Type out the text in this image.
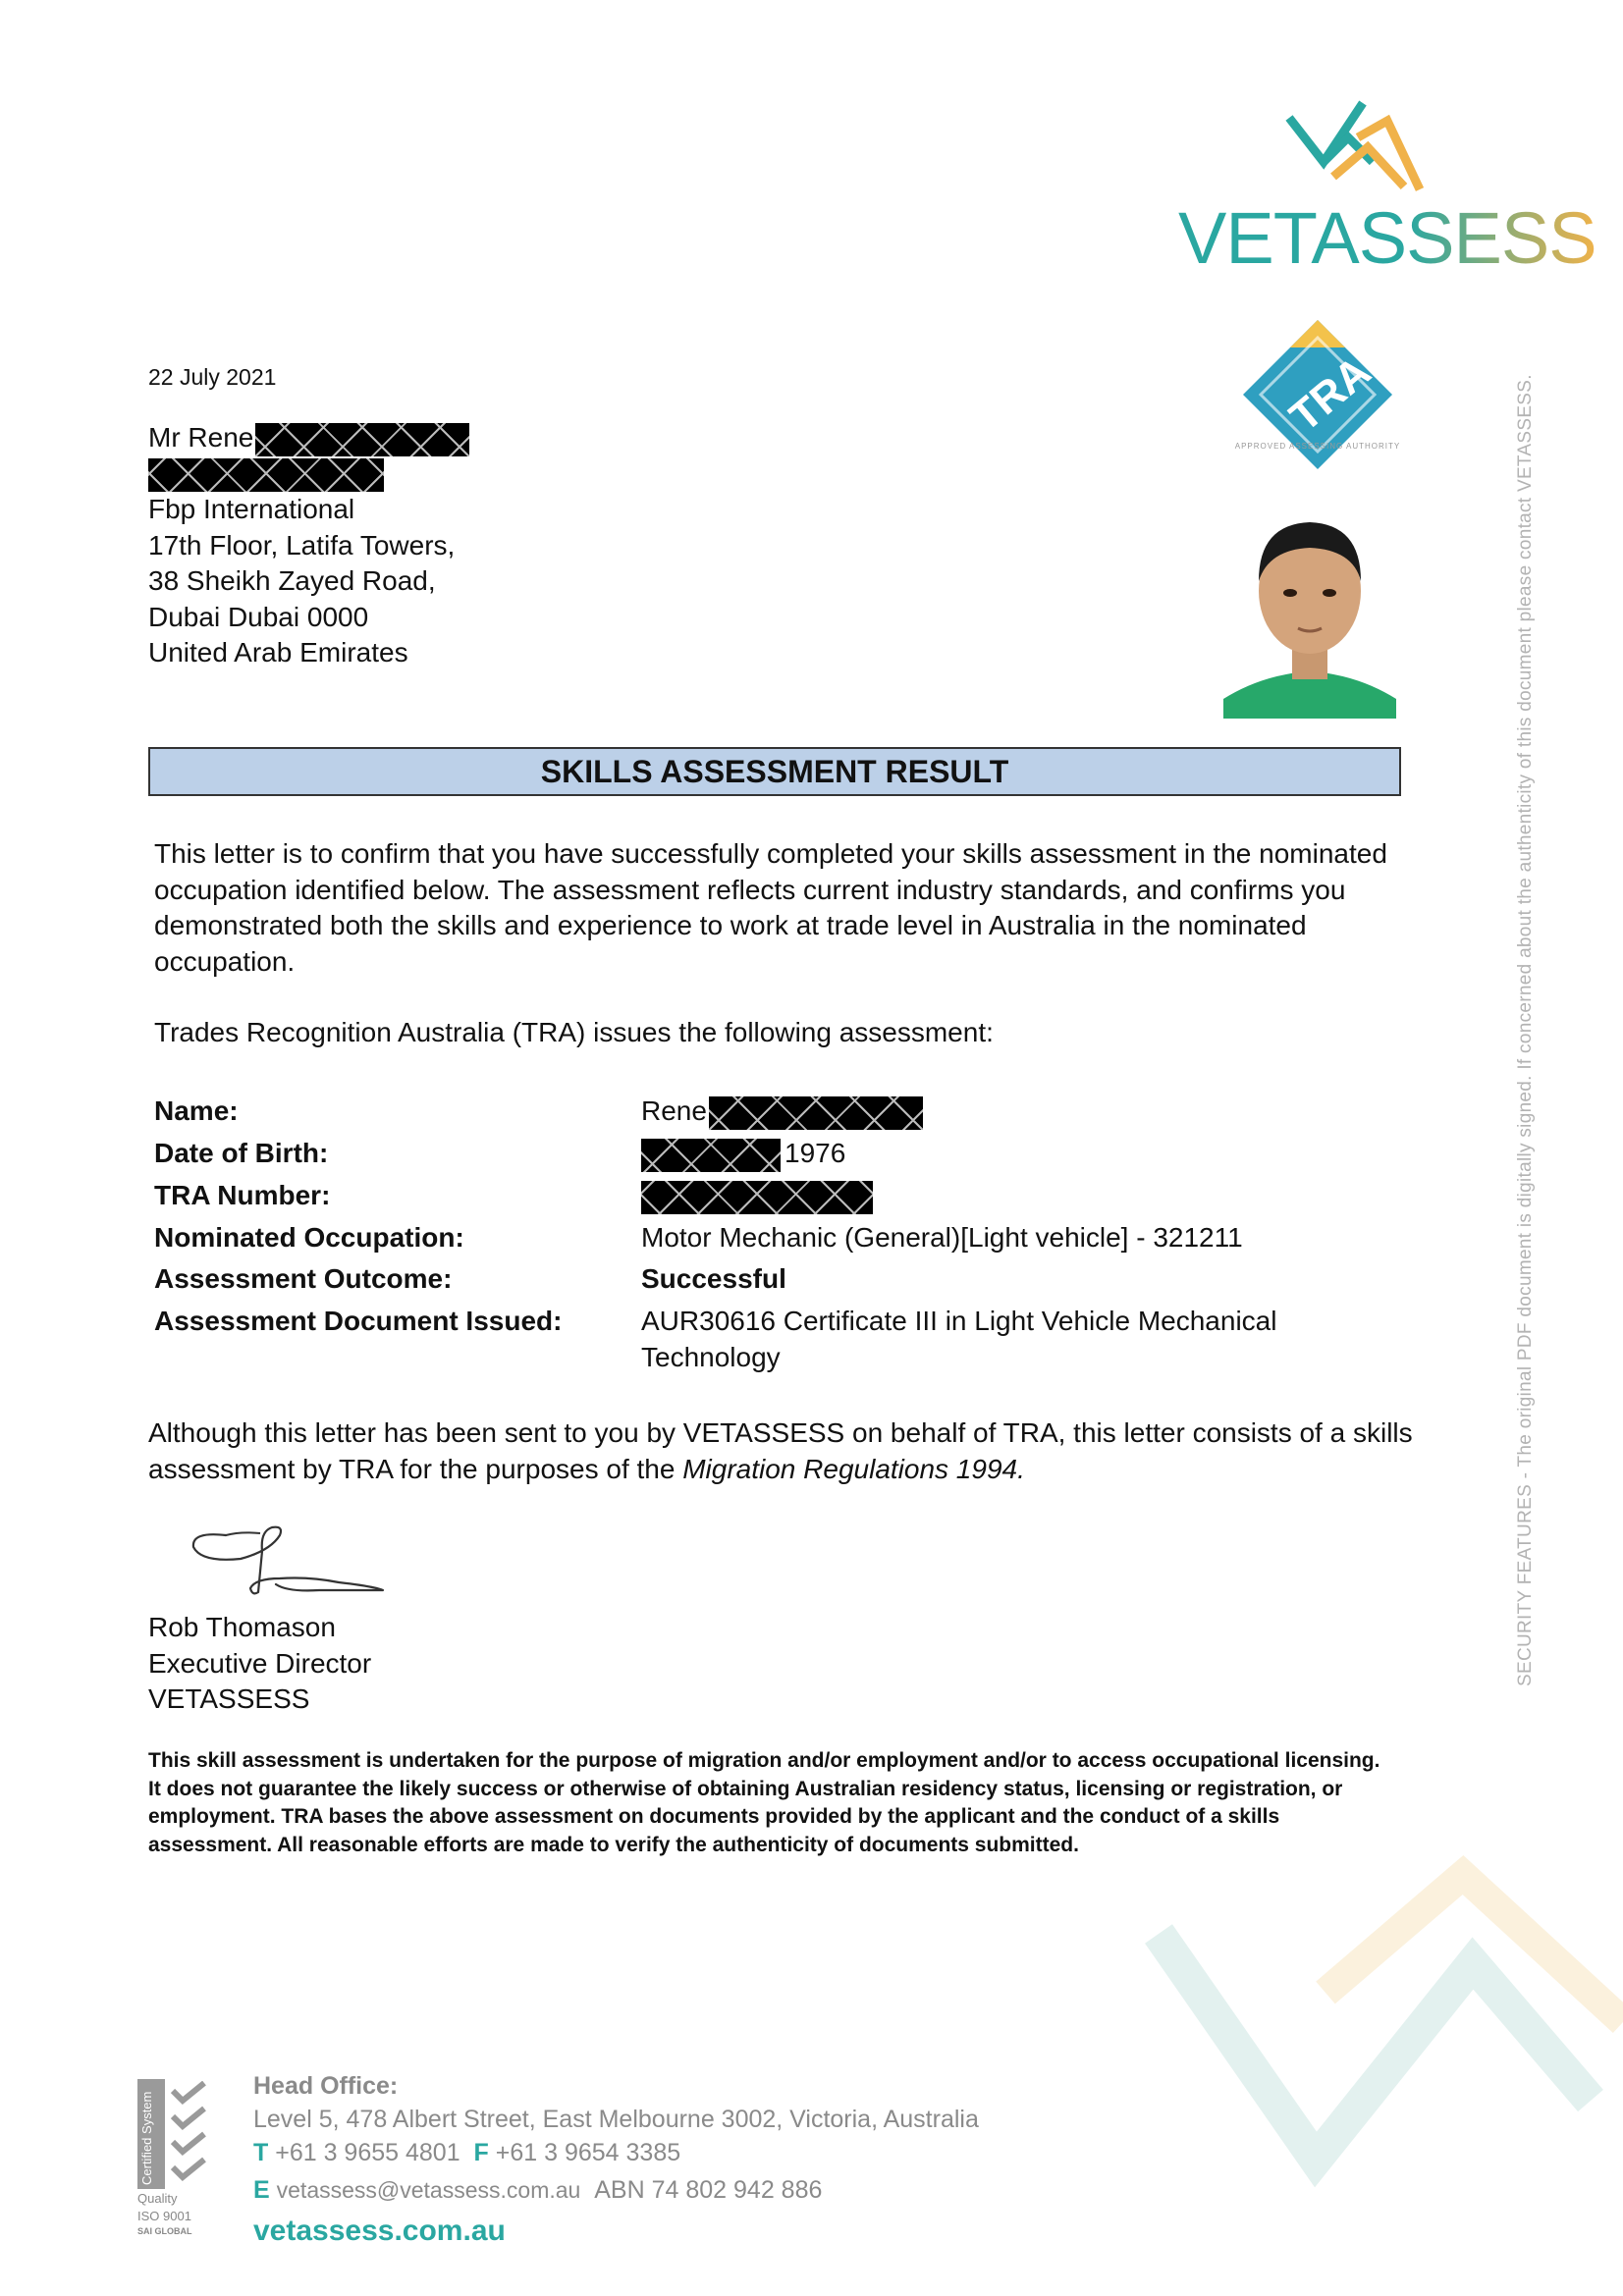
VETASSESS
TRA
APPROVED ASSESSING AUTHORITY
22 July 2021
Mr Rene
Fbp International
17th Floor, Latifa Towers,
38 Sheikh Zayed Road,
Dubai Dubai 0000
United Arab Emirates
SKILLS ASSESSMENT RESULT
This letter is to confirm that you have successfully completed your skills assessment in the nominated
occupation identified below. The assessment reflects current industry standards, and confirms you
demonstrated both the skills and experience to work at trade level in Australia in the nominated
occupation.
Trades Recognition Australia (TRA) issues the following assessment:
Name:	Rene
Date of Birth:	1976
TRA Number:
Nominated Occupation:	Motor Mechanic (General)[Light vehicle] - 321211
Assessment Outcome:	Successful
Assessment Document Issued:	AUR30616 Certificate III in Light Vehicle Mechanical
Technology
Although this letter has been sent to you by VETASSESS on behalf of TRA, this letter consists of a skills
assessment by TRA for the purposes of the Migration Regulations 1994.
Rob Thomason
Executive Director
VETASSESS
This skill assessment is undertaken for the purpose of migration and/or employment and/or to access occupational licensing. It does not guarantee the likely success or otherwise of obtaining Australian residency status, licensing or registration, or employment. TRA bases the above assessment on documents provided by the applicant and the conduct of a skills assessment. All reasonable efforts are made to verify the authenticity of documents submitted.
SECURITY FEATURES - The original PDF document is digitally signed. If concerned about the authenticity of this document please contact VETASSESS.
Certified System
Quality
ISO 9001
SAI GLOBAL
Head Office:
Level 5, 478 Albert Street, East Melbourne 3002, Victoria, Australia
T +61 3 9655 4801 F +61 3 9654 3385
E vetassess@vetassess.com.au ABN 74 802 942 886
vetassess.com.au
